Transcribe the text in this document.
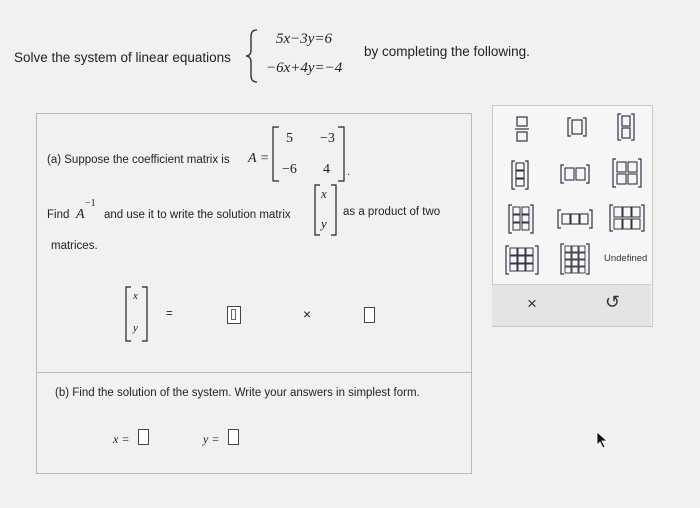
Solve the system of linear equations
5x−3y=6
−6x+4y=−4
by completing the following.
(a) Suppose the coefficient matrix is A =
5 −3
−6 4 .
Find A
−1
and use it to write the solution matrix
x
y
as a product of two
matrices.
x
y
=	×
(b) Find the solution of the system. Write your answers in simplest form.
x =	y =
Undefined
×	↺
